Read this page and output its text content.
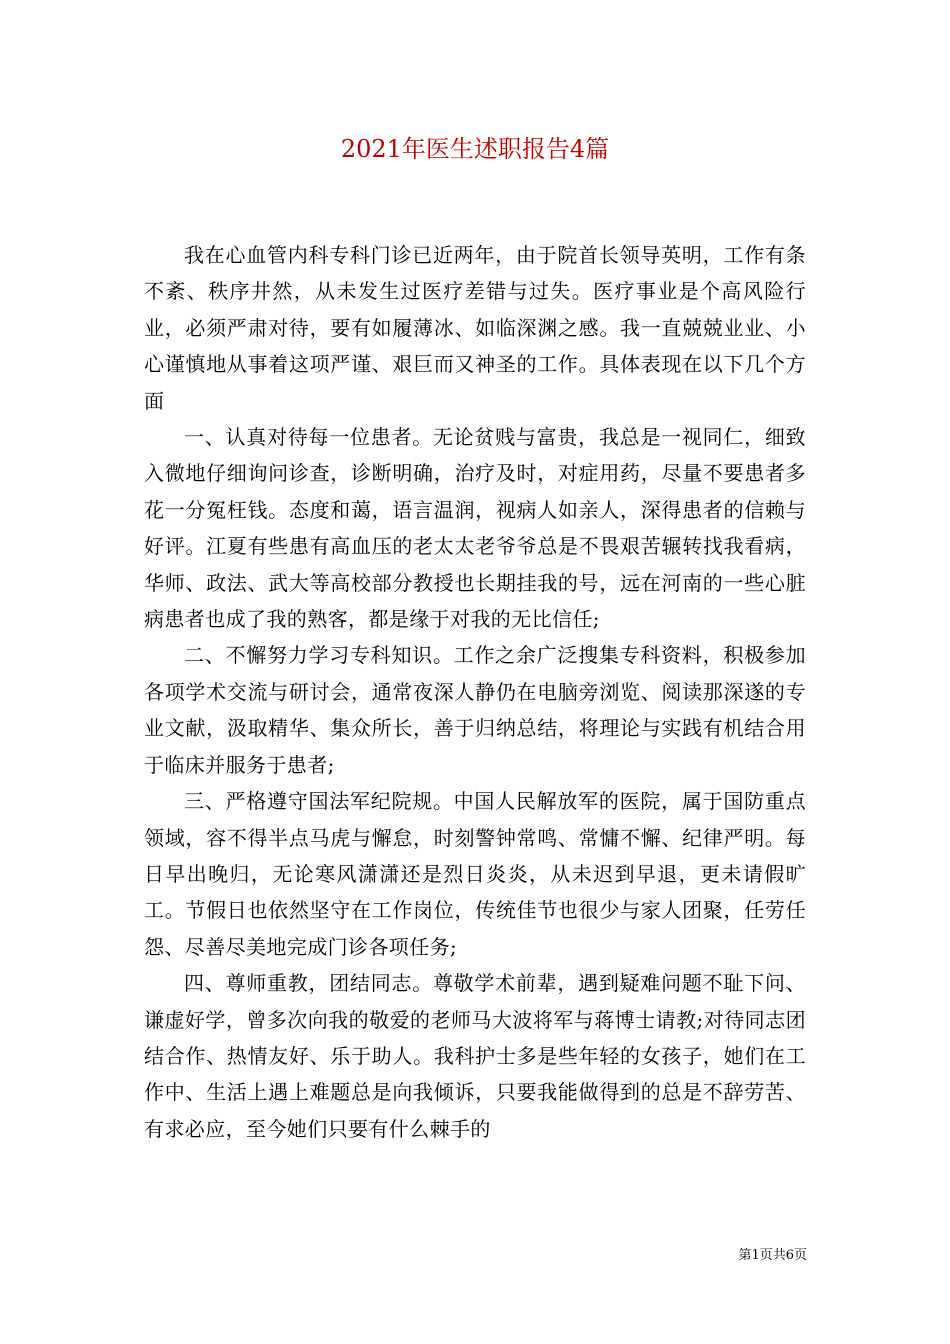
2021年医生述职报告4篇

我在心血管内科专科门诊已近两年，由于院首长领导英明，工作有条不紊、秩序井然，从未发生过医疗差错与过失。医疗事业是个高风险行业，必须严肃对待，要有如履薄冰、如临深渊之感。我一直兢兢业业、小心谨慎地从事着这项严谨、艰巨而又神圣的工作。具体表现在以下几个方面

一、认真对待每一位患者。无论贫贱与富贵，我总是一视同仁，细致入微地仔细询问诊查，诊断明确，治疗及时，对症用药，尽量不要患者多花一分冤枉钱。态度和蔼，语言温润，视病人如亲人，深得患者的信赖与好评。江夏有些患有高血压的老太太老爷爷总是不畏艰苦辗转找我看病，华师、政法、武大等高校部分教授也长期挂我的号，远在河南的一些心脏病患者也成了我的熟客，都是缘于对我的无比信任;

二、不懈努力学习专科知识。工作之余广泛搜集专科资料，积极参加各项学术交流与研讨会，通常夜深人静仍在电脑旁浏览、阅读那深遂的专业文献，汲取精华、集众所长，善于归纳总结，将理论与实践有机结合用于临床并服务于患者;

三、严格遵守国法军纪院规。中国人民解放军的医院，属于国防重点领域，容不得半点马虎与懈怠，时刻警钟常鸣、常慵不懈、纪律严明。每日早出晚归，无论寒风潇潇还是烈日炎炎，从未迟到早退，更未请假旷工。节假日也依然坚守在工作岗位，传统佳节也很少与家人团聚，任劳任怨、尽善尽美地完成门诊各项任务;

四、尊师重教，团结同志。尊敬学术前辈，遇到疑难问题不耻下问、谦虚好学，曾多次向我的敬爱的老师马大波将军与蒋博士请教;对待同志团结合作、热情友好、乐于助人。我科护士多是些年轻的女孩子，她们在工作中、生活上遇上难题总是向我倾诉，只要我能做得到的总是不辞劳苦、有求必应，至今她们只要有什么棘手的

第1页共6页
